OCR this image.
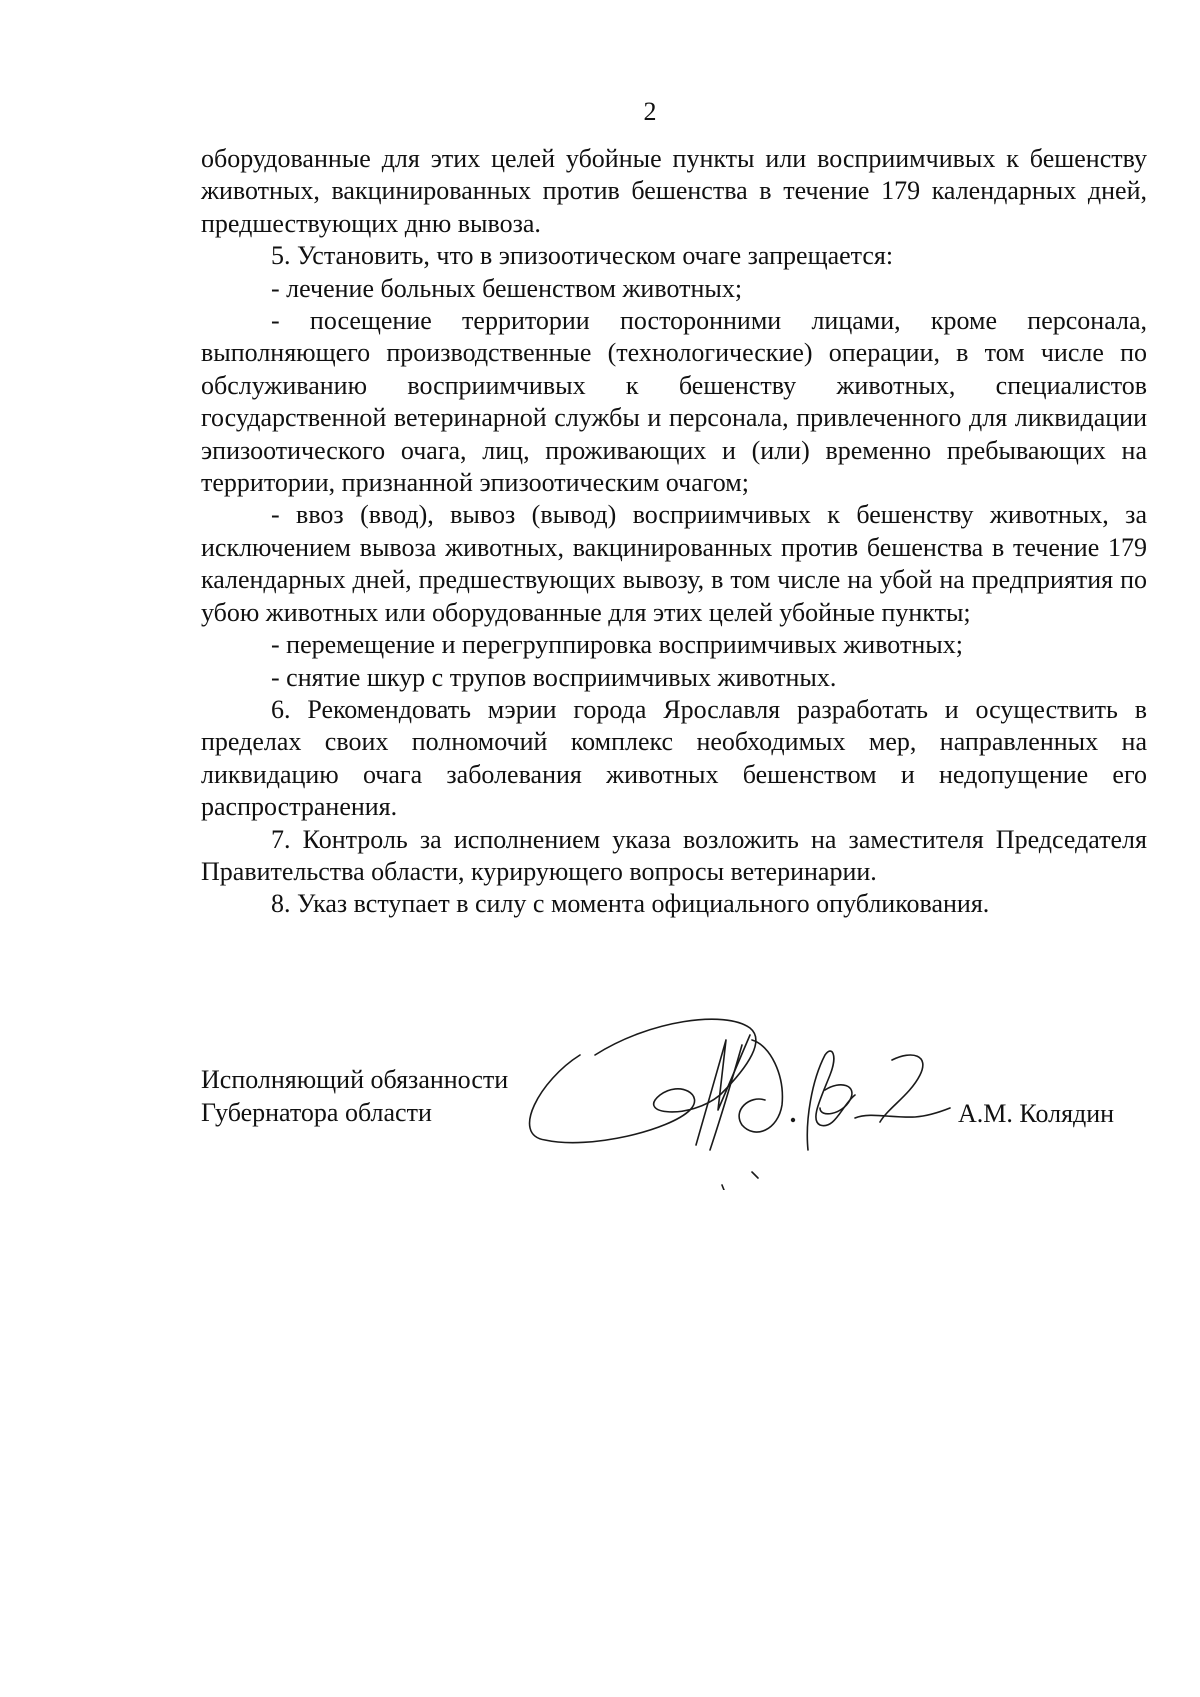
2

оборудованные для этих целей убойные пункты или восприимчивых к бешенству животных, вакцинированных против бешенства в течение 179 календарных дней, предшествующих дню вывоза.

5. Установить, что в эпизоотическом очаге запрещается:

- лечение больных бешенством животных;

- посещение территории посторонними лицами, кроме персонала, выполняющего производственные (технологические) операции, в том числе по обслуживанию восприимчивых к бешенству животных, специалистов государственной ветеринарной службы и персонала, привлеченного для ликвидации эпизоотического очага, лиц, проживающих и (или) временно пребывающих на территории, признанной эпизоотическим очагом;

- ввоз (ввод), вывоз (вывод) восприимчивых к бешенству животных, за исключением вывоза животных, вакцинированных против бешенства в течение 179 календарных дней, предшествующих вывозу, в том числе на убой на предприятия по убою животных или оборудованные для этих целей убойные пункты;

- перемещение и перегруппировка восприимчивых животных;

- снятие шкур с трупов восприимчивых животных.

6. Рекомендовать мэрии города Ярославля разработать и осуществить в пределах своих полномочий комплекс необходимых мер, направленных на ликвидацию очага заболевания животных бешенством и недопущение его распространения.

7. Контроль за исполнением указа возложить на заместителя Председателя Правительства области, курирующего вопросы ветеринарии.

8. Указ вступает в силу с момента официального опубликования.

Исполняющий обязанности
Губернатора области	А.М. Колядин
